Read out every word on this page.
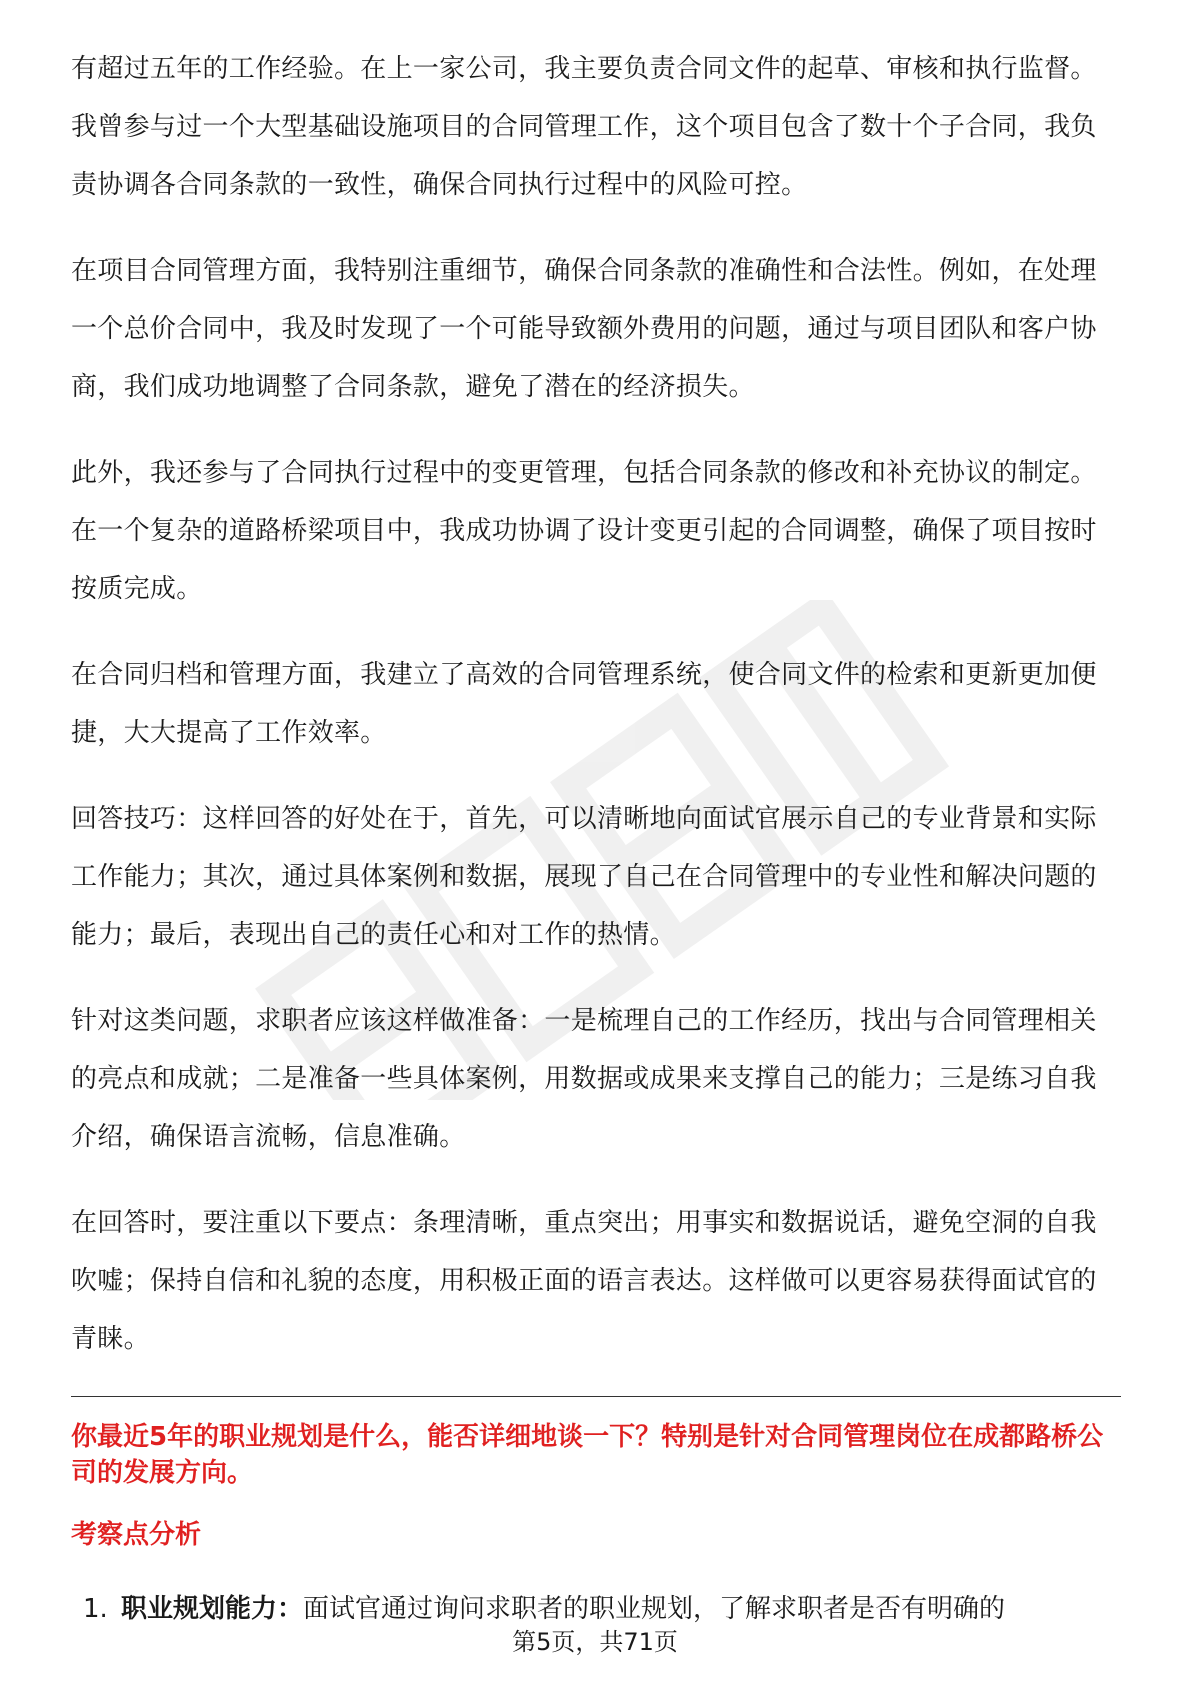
有超过五年的工作经验。在上一家公司，我主要负责合同文件的起草、审核和执行监督。我曾参与过一个大型基础设施项目的合同管理工作，这个项目包含了数十个子合同，我负责协调各合同条款的一致性，确保合同执行过程中的风险可控。

在项目合同管理方面，我特别注重细节，确保合同条款的准确性和合法性。例如，在处理一个总价合同中，我及时发现了一个可能导致额外费用的问题，通过与项目团队和客户协商，我们成功地调整了合同条款，避免了潜在的经济损失。

此外，我还参与了合同执行过程中的变更管理，包括合同条款的修改和补充协议的制定。在一个复杂的道路桥梁项目中，我成功协调了设计变更引起的合同调整，确保了项目按时按质完成。

在合同归档和管理方面，我建立了高效的合同管理系统，使合同文件的检索和更新更加便捷，大大提高了工作效率。

回答技巧：这样回答的好处在于，首先，可以清晰地向面试官展示自己的专业背景和实际工作能力；其次，通过具体案例和数据，展现了自己在合同管理中的专业性和解决问题的能力；最后，表现出自己的责任心和对工作的热情。

针对这类问题，求职者应该这样做准备：一是梳理自己的工作经历，找出与合同管理相关的亮点和成就；二是准备一些具体案例，用数据或成果来支撑自己的能力；三是练习自我介绍，确保语言流畅，信息准确。

在回答时，要注重以下要点：条理清晰，重点突出；用事实和数据说话，避免空洞的自我吹嘘；保持自信和礼貌的态度，用积极正面的语言表达。这样做可以更容易获得面试官的青睐。

你最近5年的职业规划是什么，能否详细地谈一下？特别是针对合同管理岗位在成都路桥公司的发展方向。
考察点分析
1. 职业规划能力：面试官通过询问求职者的职业规划，了解求职者是否有明确的
第5页，共71页
